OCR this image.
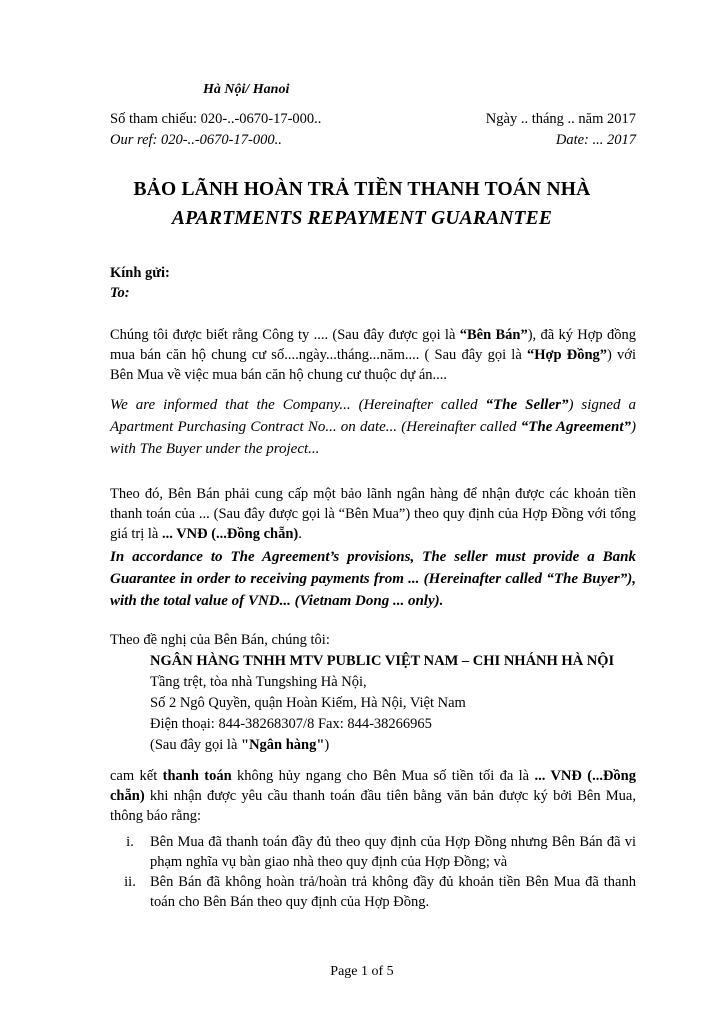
Hà Nội/ Hanoi
Số tham chiếu: 020-..-0670-17-000..	Ngày .. tháng .. năm 2017
Our ref: 020-..-0670-17-000..	Date: ... 2017
BẢO LÃNH HOÀN TRẢ TIỀN THANH TOÁN NHÀ
APARTMENTS REPAYMENT GUARANTEE
Kính gửi:
To:
Chúng tôi được biết rằng Công ty .... (Sau đây được gọi là “Bên Bán”), đã ký Hợp đồng mua bán căn hộ chung cư số....ngày...tháng...năm.... ( Sau đây gọi là “Hợp Đồng”) với Bên Mua về việc mua bán căn hộ chung cư thuộc dự án....
We are informed that the Company... (Hereinafter called “The Seller”) signed a Apartment Purchasing Contract No... on date... (Hereinafter called “The Agreement”) with The Buyer under the project...
Theo đó, Bên Bán phải cung cấp một bảo lãnh ngân hàng để nhận được các khoản tiền thanh toán của ... (Sau đây được gọi là “Bên Mua”) theo quy định của Hợp Đồng với tổng giá trị là ... VNĐ (...Đồng chẵn).
In accordance to The Agreement’s provisions, The seller must provide a Bank Guarantee in order to receiving payments from ... (Hereinafter called “The Buyer”), with the total value of VND... (Vietnam Dong ... only).
Theo đề nghị của Bên Bán, chúng tôi:
NGÂN HÀNG TNHH MTV PUBLIC VIỆT NAM – CHI NHÁNH HÀ NỘI
Tầng trệt, tòa nhà Tungshing Hà Nội,
Số 2 Ngô Quyền, quận Hoàn Kiếm, Hà Nội, Việt Nam
Điện thoại: 844-38268307/8 Fax: 844-38266965
(Sau đây gọi là "Ngân hàng")
cam kết thanh toán không hủy ngang cho Bên Mua số tiền tối đa là ... VNĐ (...Đồng chẵn) khi nhận được yêu cầu thanh toán đầu tiên bằng văn bản được ký bởi Bên Mua, thông báo rằng:
i.	Bên Mua đã thanh toán đầy đủ theo quy định của Hợp Đồng nhưng Bên Bán đã vi phạm nghĩa vụ bàn giao nhà theo quy định của Hợp Đồng; và
ii. Bên Bán đã không hoàn trả/hoàn trả không đầy đủ khoản tiền Bên Mua đã thanh toán cho Bên Bán theo quy định của Hợp Đồng.
Page 1 of 5
